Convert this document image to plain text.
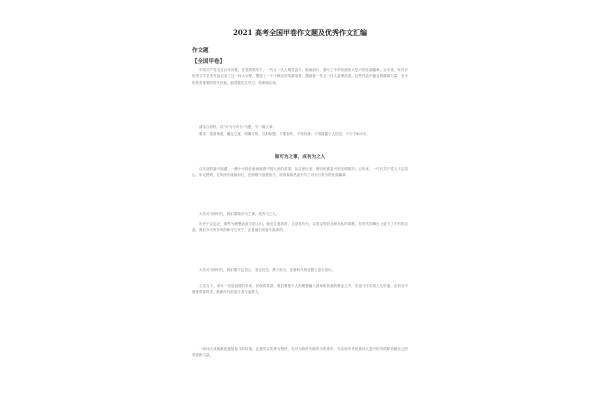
2021 高考全国甲卷作文题及优秀作文汇编
作文题
【全国甲卷】
中国共产党走过百年历程。在党的领导下，一代又一代人艰苦奋斗、砥砺前行，谱写了中华民族伟大复兴的壮丽篇章。百年来，有许多优秀文学艺术作品记录了这一伟大历程，塑造了一个个鲜活的英雄形象，激励着一代又一代人奋勇前进。这些作品中蕴含的精神力量，至今仍具有重要的时代价值，值得我们去学习、传承和弘扬。
请结合材料，以“可为与有为”为题，写一篇文章。
要求：选准角度，确定立意，明确文体，自拟标题；不要套作，不得抄袭；不得泄露个人信息；不少于800字。
做可为之事，成有为之人
百年前的嘉兴南湖，一艘小小的红船承载着中国人民的希望，从这里出发，驶向民族复兴的光明彼岸。百年来，一代代共产党人不忘初心、牢记使命，在风雨中砥砺前行，在困难中奋勇担当，用青春和热血书写了可为与有为的壮丽篇章。
大有可为的时代，我们要做可为之事，成有为之人。
历史不会忘记，那些为理想而奋斗的人们。他们生逢其时，又奋发有为，以坚定的信念和无私的奉献，在时代的舞台上留下了不朽的足迹。我们今天所享有的和平与安宁，正是他们用奋斗换来的。
大有可为的时代，我们要不忘初心、坚定信念、勇于担当，在新时代的征程上奋力前行。
立足当下，青年一代是祖国的未来、民族的希望。我们要把个人的理想融入国家和民族的事业之中，在奋斗中实现人生价值，在担当中展现青春风采，做新时代的奋斗者与追梦人。
一切伟大成就都是接续奋斗的结果。让我们以先辈为榜样，在可为的时代做有为的青年，为实现中华民族伟大复兴的中国梦贡献自己的青春和力量。
